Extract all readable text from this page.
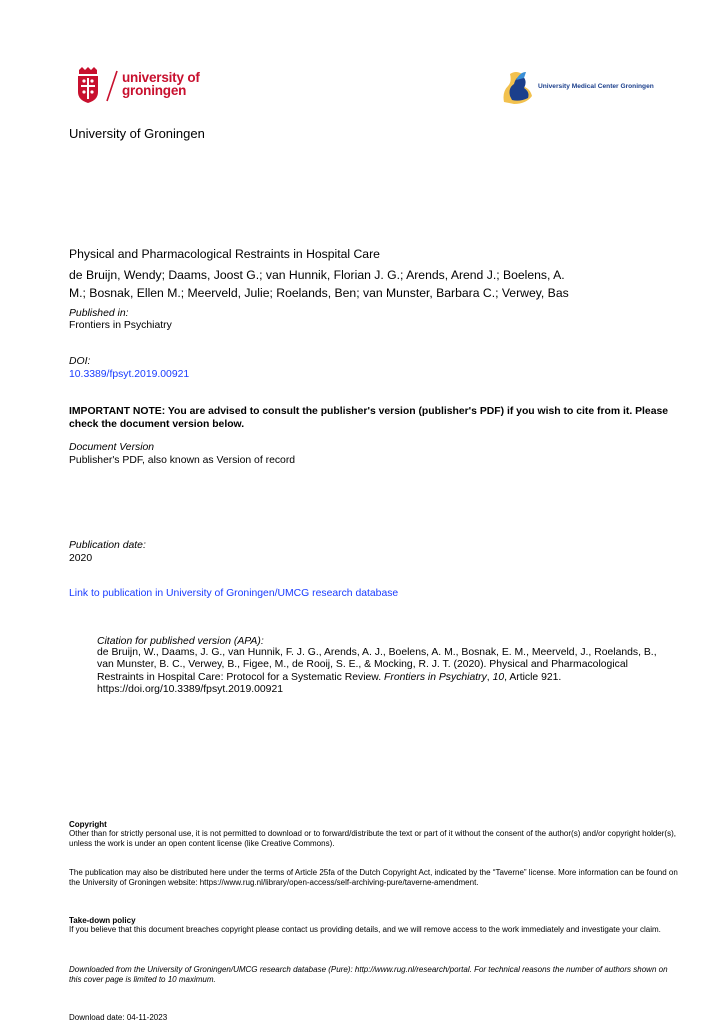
university of
groningen	University Medical Center Groningen
University of Groningen
Physical and Pharmacological Restraints in Hospital Care
de Bruijn, Wendy; Daams, Joost G.; van Hunnik, Florian J. G.; Arends, Arend J.; Boelens, A.
M.; Bosnak, Ellen M.; Meerveld, Julie; Roelands, Ben; van Munster, Barbara C.; Verwey, Bas
Published in:
Frontiers in Psychiatry
DOI:
10.3389/fpsyt.2019.00921
IMPORTANT NOTE: You are advised to consult the publisher's version (publisher's PDF) if you wish to cite from it. Please check the document version below.
Document Version
Publisher's PDF, also known as Version of record
Publication date:
2020
Link to publication in University of Groningen/UMCG research database
Citation for published version (APA):
de Bruijn, W., Daams, J. G., van Hunnik, F. J. G., Arends, A. J., Boelens, A. M., Bosnak, E. M., Meerveld, J., Roelands, B., van Munster, B. C., Verwey, B., Figee, M., de Rooij, S. E., & Mocking, R. J. T. (2020). Physical and Pharmacological Restraints in Hospital Care: Protocol for a Systematic Review. Frontiers in Psychiatry, 10, Article 921. https://doi.org/10.3389/fpsyt.2019.00921
Copyright
Other than for strictly personal use, it is not permitted to download or to forward/distribute the text or part of it without the consent of the author(s) and/or copyright holder(s), unless the work is under an open content license (like Creative Commons).
The publication may also be distributed here under the terms of Article 25fa of the Dutch Copyright Act, indicated by the “Taverne” license. More information can be found on the University of Groningen website: https://www.rug.nl/library/open-access/self-archiving-pure/taverne-amendment.
Take-down policy
If you believe that this document breaches copyright please contact us providing details, and we will remove access to the work immediately and investigate your claim.
Downloaded from the University of Groningen/UMCG research database (Pure): http://www.rug.nl/research/portal. For technical reasons the number of authors shown on this cover page is limited to 10 maximum.
Download date: 04-11-2023
